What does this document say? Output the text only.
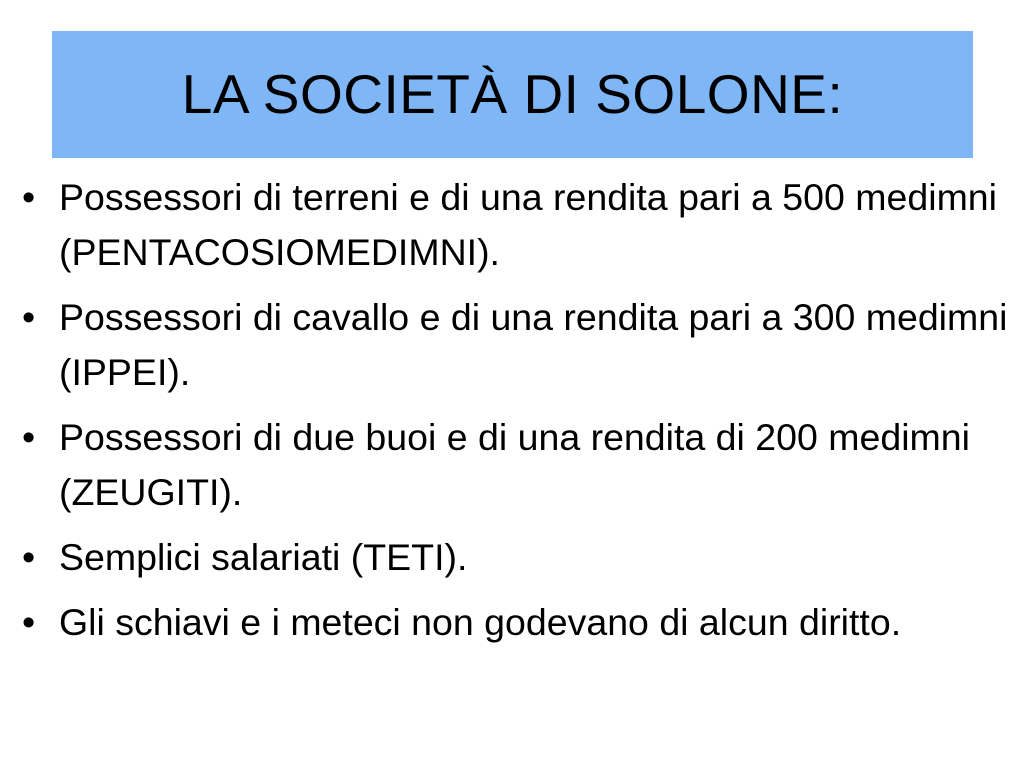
LA SOCIETÀ DI SOLONE:
• Possessori di terreni e di una rendita pari a 500 medimni (PENTACOSIOMEDIMNI).
• Possessori di cavallo e di una rendita pari a 300 medimni (IPPEI).
• Possessori di due buoi e di una rendita di 200 medimni (ZEUGITI).
• Semplici salariati (TETI).
• Gli schiavi e i meteci non godevano di alcun diritto.
